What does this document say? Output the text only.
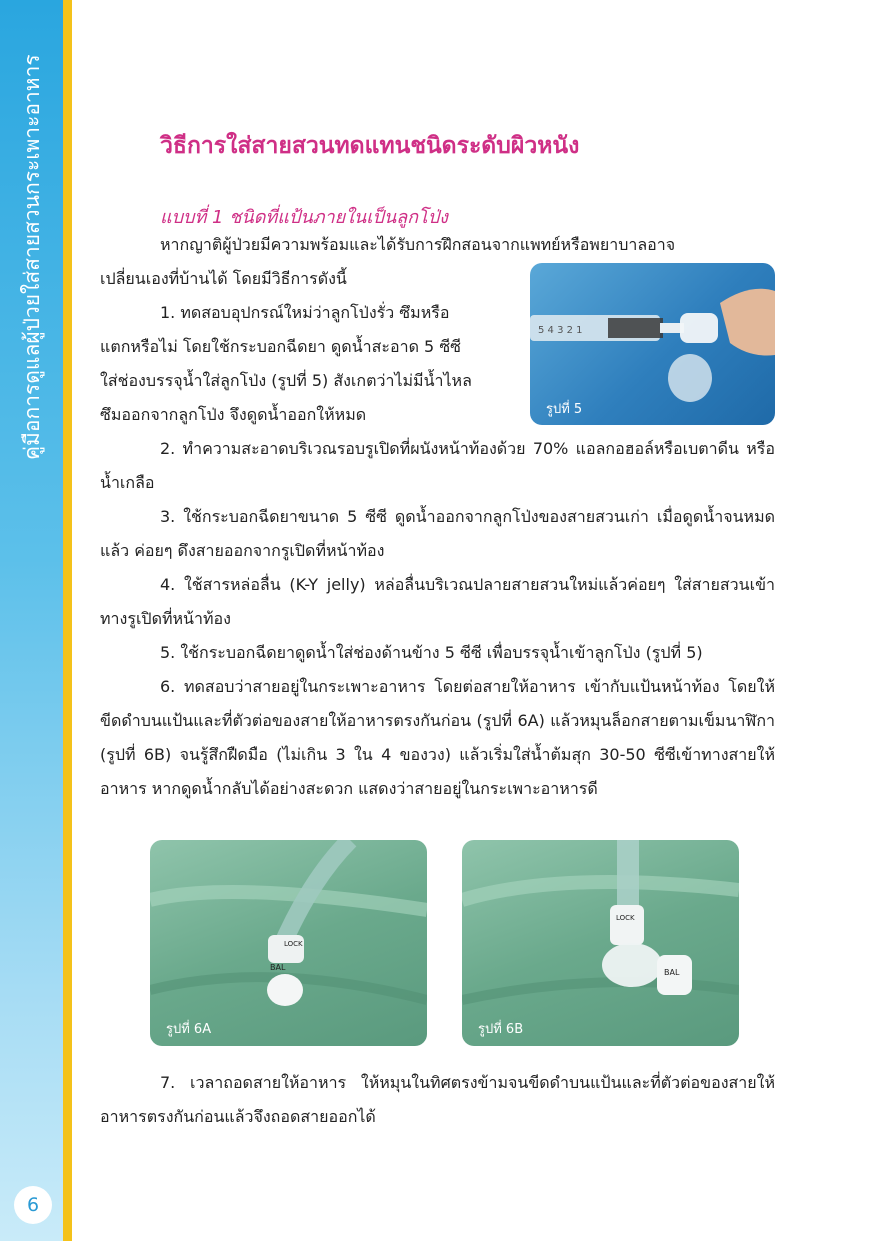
คู่มือการดูแลผู้ป่วยใส่สายสวนกระเพาะอาหาร
6
วิธีการใส่สายสวนทดแทนชนิดระดับผิวหนัง
แบบที่ 1 ชนิดที่แป้นภายในเป็นลูกโป่ง
หากญาติผู้ป่วยมีความพร้อมและได้รับการฝึกสอนจากแพทย์หรือพยาบาลอาจ
เปลี่ยนเองที่บ้านได้ โดยมีวิธีการดังนี้
1. ทดสอบอุปกรณ์ใหม่ว่าลูกโป่งรั่ว ซึมหรือ
แตกหรือไม่ โดยใช้กระบอกฉีดยา ดูดน้ำสะอาด 5 ซีซี
ใส่ช่องบรรจุน้ำใส่ลูกโป่ง (รูปที่ 5) สังเกตว่าไม่มีน้ำไหล
ซึมออกจากลูกโป่ง จึงดูดน้ำออกให้หมด
2. ทำความสะอาดบริเวณรอบรูเปิดที่ผนังหน้าท้องด้วย 70% แอลกอฮอล์หรือเบตาดีน หรือน้ำเกลือ
3. ใช้กระบอกฉีดยาขนาด 5 ซีซี ดูดน้ำออกจากลูกโป่งของสายสวนเก่า เมื่อดูดน้ำจนหมดแล้ว ค่อยๆ ดึงสายออกจากรูเปิดที่หน้าท้อง
4. ใช้สารหล่อลื่น (K-Y jelly) หล่อลื่นบริเวณปลายสายสวนใหม่แล้วค่อยๆ ใส่สายสวนเข้าทางรูเปิดที่หน้าท้อง
5. ใช้กระบอกฉีดยาดูดน้ำใส่ช่องด้านข้าง 5 ซีซี เพื่อบรรจุน้ำเข้าลูกโป่ง (รูปที่ 5)
6. ทดสอบว่าสายอยู่ในกระเพาะอาหาร โดยต่อสายให้อาหาร เข้ากับแป้นหน้าท้อง โดยให้ขีดดำบนแป้นและที่ตัวต่อของสายให้อาหารตรงกันก่อน (รูปที่ 6A) แล้วหมุนล็อกสายตามเข็มนาฬิกา (รูปที่ 6B) จนรู้สึกฝืดมือ (ไม่เกิน 3 ใน 4 ของวง) แล้วเริ่มใส่น้ำต้มสุก 30-50 ซีซีเข้าทางสายให้อาหาร หากดูดน้ำกลับได้อย่างสะดวก แสดงว่าสายอยู่ในกระเพาะอาหารดี
7. เวลาถอดสายให้อาหาร ให้หมุนในทิศตรงข้ามจนขีดดำบนแป้นและที่ตัวต่อของสายให้อาหารตรงกันก่อนแล้วจึงถอดสายออกได้
5 4 3 2 1
รูปที่ 5
LOCK
BAL
รูปที่ 6A
LOCK
BAL
รูปที่ 6B
